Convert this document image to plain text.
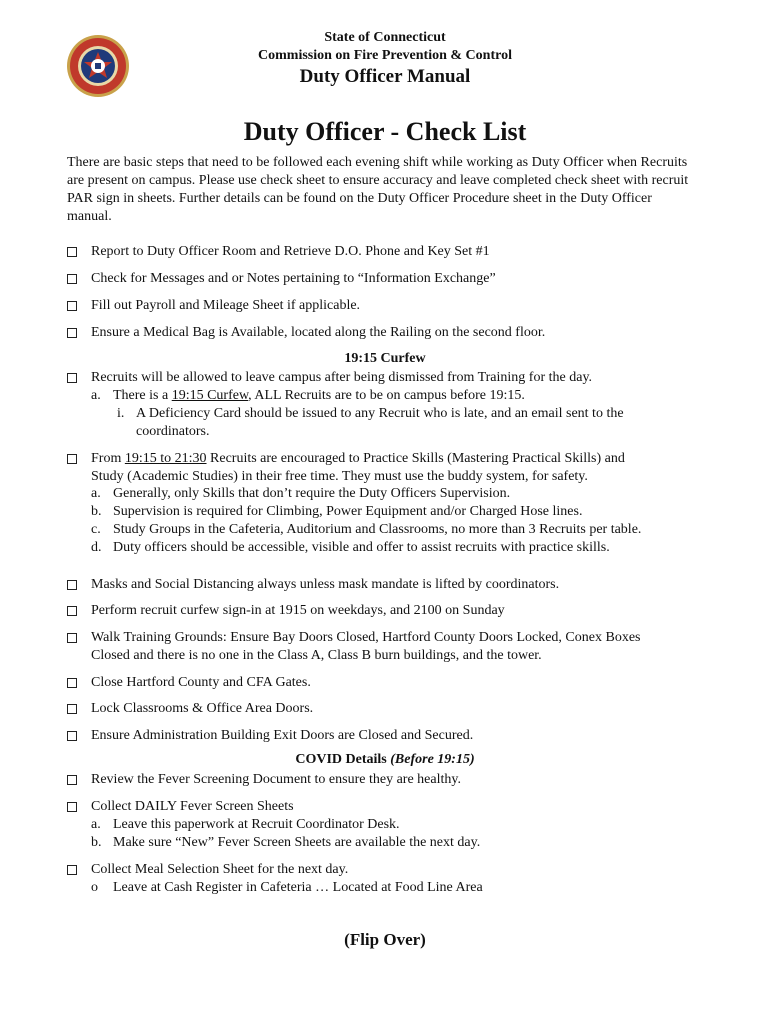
State of Connecticut
Commission on Fire Prevention & Control
Duty Officer Manual
Duty Officer - Check List
There are basic steps that need to be followed each evening shift while working as Duty Officer when Recruits are present on campus. Please use check sheet to ensure accuracy and leave completed check sheet with recruit PAR sign in sheets. Further details can be found on the Duty Officer Procedure sheet in the Duty Officer manual.
Report to Duty Officer Room and Retrieve D.O. Phone and Key Set #1
Check for Messages and or Notes pertaining to “Information Exchange”
Fill out Payroll and Mileage Sheet if applicable.
Ensure a Medical Bag is Available, located along the Railing on the second floor.
19:15 Curfew
Recruits will be allowed to leave campus after being dismissed from Training for the day.
a. There is a 19:15 Curfew, ALL Recruits are to be on campus before 19:15.
i. A Deficiency Card should be issued to any Recruit who is late, and an email sent to the
coordinators.
From 19:15 to 21:30 Recruits are encouraged to Practice Skills (Mastering Practical Skills) and
Study (Academic Studies) in their free time. They must use the buddy system, for safety.
a. Generally, only Skills that don’t require the Duty Officers Supervision.
b. Supervision is required for Climbing, Power Equipment and/or Charged Hose lines.
c. Study Groups in the Cafeteria, Auditorium and Classrooms, no more than 3 Recruits per table.
d. Duty officers should be accessible, visible and offer to assist recruits with practice skills.
Masks and Social Distancing always unless mask mandate is lifted by coordinators.
Perform recruit curfew sign-in at 1915 on weekdays, and 2100 on Sunday
Walk Training Grounds: Ensure Bay Doors Closed, Hartford County Doors Locked, Conex Boxes
Closed and there is no one in the Class A, Class B burn buildings, and the tower.
Close Hartford County and CFA Gates.
Lock Classrooms & Office Area Doors.
Ensure Administration Building Exit Doors are Closed and Secured.
COVID Details (Before 19:15)
Review the Fever Screening Document to ensure they are healthy.
Collect DAILY Fever Screen Sheets
a. Leave this paperwork at Recruit Coordinator Desk.
b. Make sure “New” Fever Screen Sheets are available the next day.
Collect Meal Selection Sheet for the next day.
o Leave at Cash Register in Cafeteria … Located at Food Line Area
(Flip Over)
